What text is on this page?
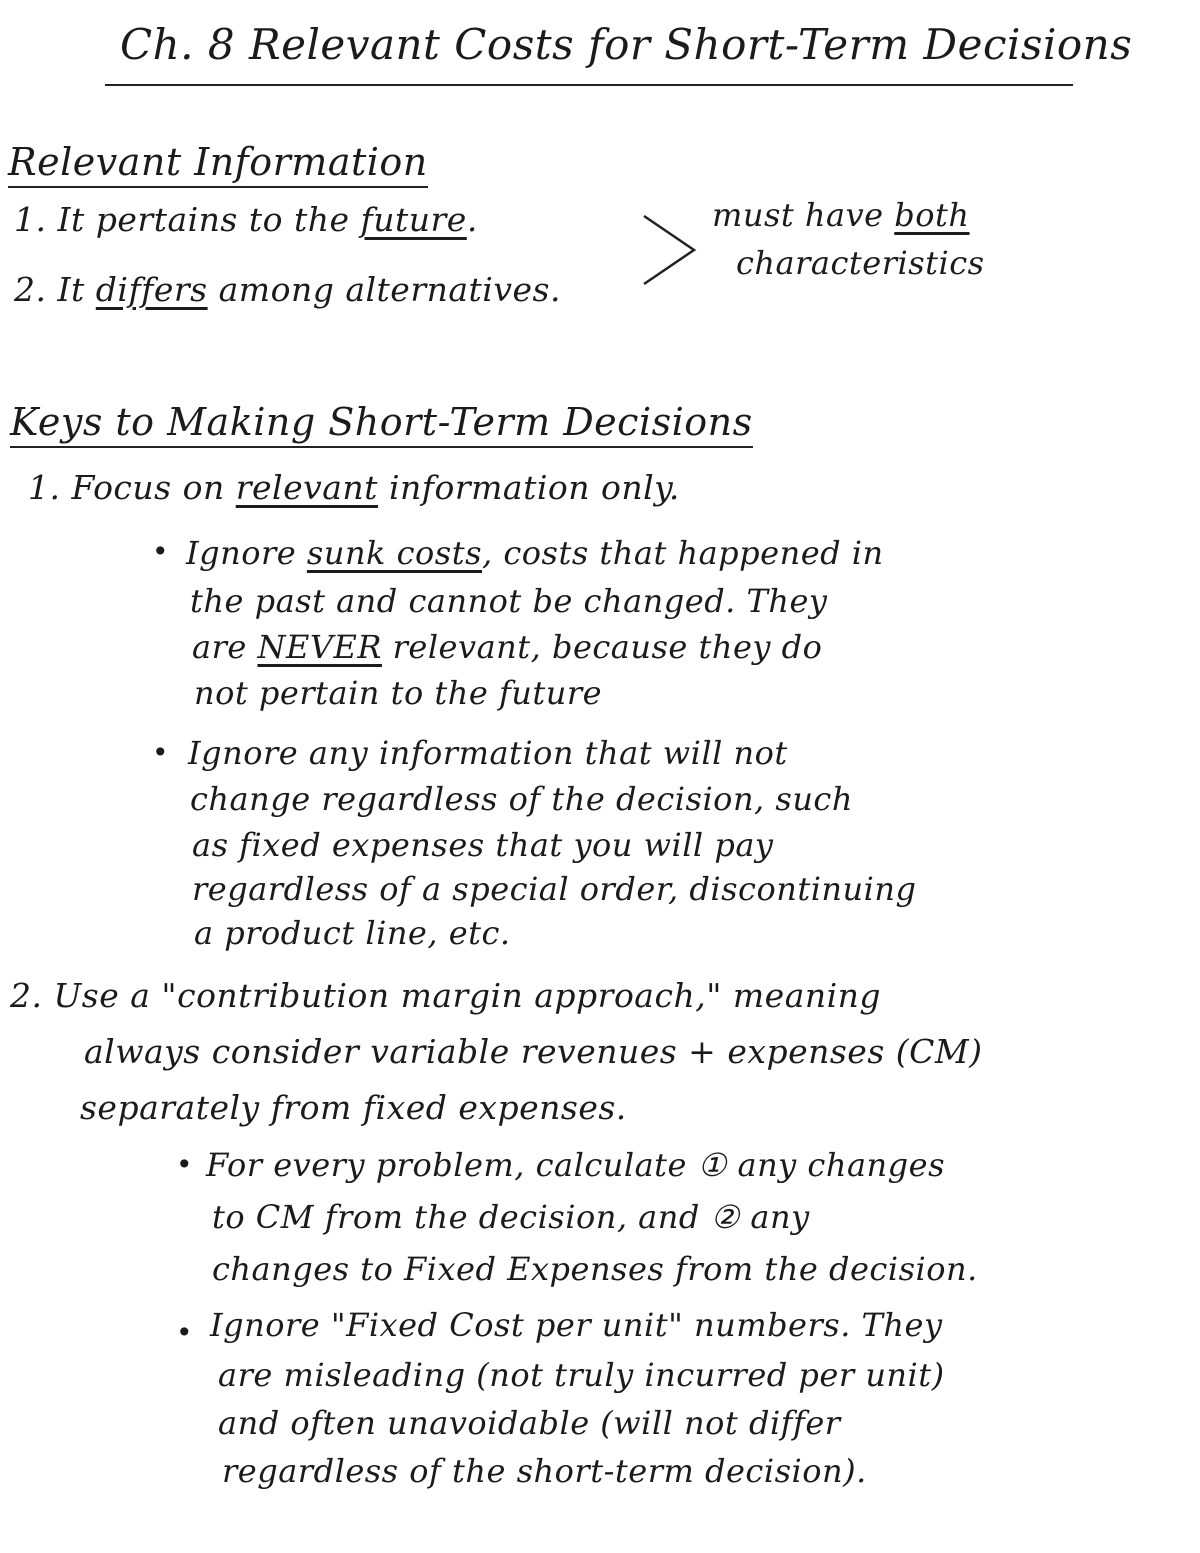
Ch. 8 Relevant Costs for Short-Term Decisions
Relevant Information
1. It pertains to the future.
2. It differs among alternatives.
must have both
characteristics
Keys to Making Short-Term Decisions
1. Focus on relevant information only.
• Ignore sunk costs, costs that happened in
the past and cannot be changed. They
are NEVER relevant, because they do
not pertain to the future
• Ignore any information that will not
change regardless of the decision, such
as fixed expenses that you will pay
regardless of a special order, discontinuing
a product line, etc.
2. Use a "contribution margin approach," meaning
always consider variable revenues + expenses (CM)
separately from fixed expenses.
• For every problem, calculate ① any changes
to CM from the decision, and ② any
changes to Fixed Expenses from the decision.
• Ignore "Fixed Cost per unit" numbers. They
are misleading (not truly incurred per unit)
and often unavoidable (will not differ
regardless of the short-term decision).
